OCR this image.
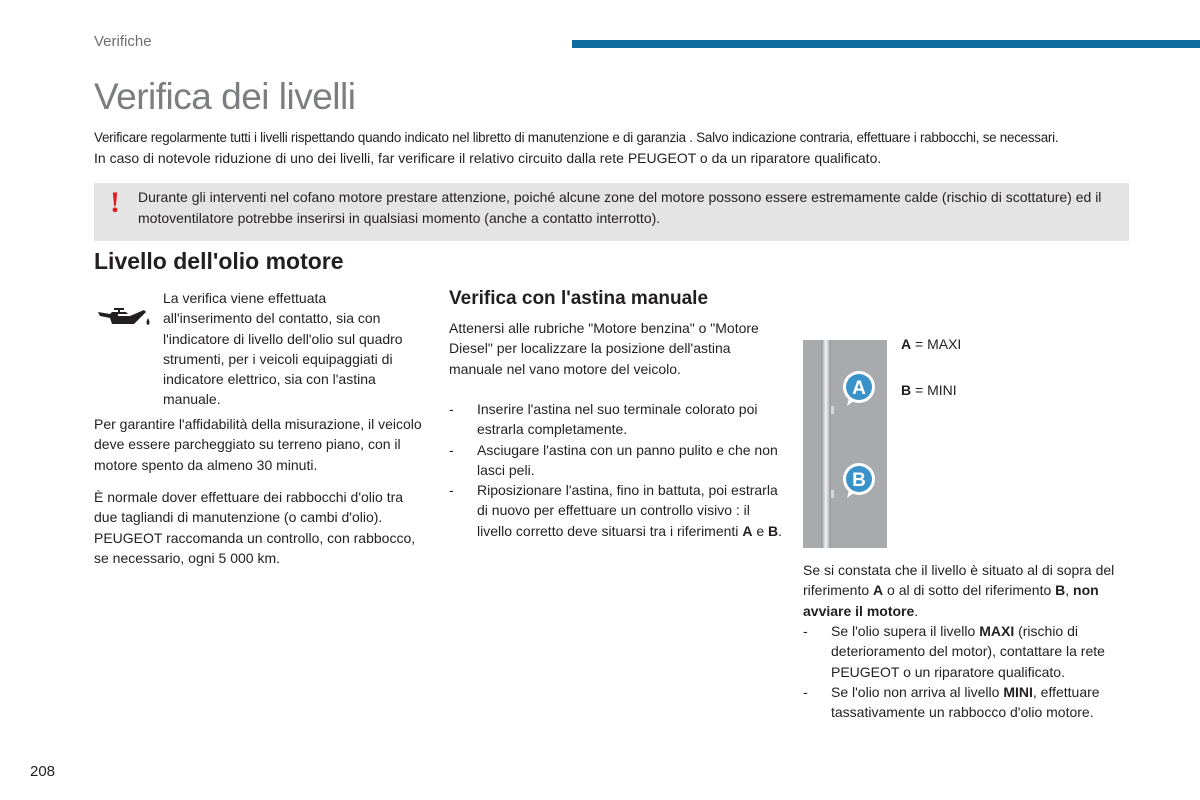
Verifiche
Verifica dei livelli

Verificare regolarmente tutti i livelli rispettando quando indicato nel libretto di manutenzione e di garanzia . Salvo indicazione contraria, effettuare i rabbocchi, se necessari.

In caso di notevole riduzione di uno dei livelli, far verificare il relativo circuito dalla rete PEUGEOT o da un riparatore qualificato.

! Durante gli interventi nel cofano motore prestare attenzione, poiché alcune zone del motore possono essere estremamente calde (rischio di scottature) ed il motoventilatore potrebbe inserirsi in qualsiasi momento (anche a contatto interrotto).
Livello dell'olio motore
La verifica viene effettuata all'inserimento del contatto, sia con l'indicatore di livello dell'olio sul quadro strumenti, per i veicoli equipaggiati di indicatore elettrico, sia con l'astina manuale.
Per garantire l'affidabilità della misurazione, il veicolo deve essere parcheggiato su terreno piano, con il motore spento da almeno 30 minuti.
È normale dover effettuare dei rabbocchi d'olio tra due tagliandi di manutenzione (o cambi d'olio). PEUGEOT raccomanda un controllo, con rabbocco, se necessario, ogni 5 000 km.
Verifica con l'astina manuale
Attenersi alle rubriche "Motore benzina" o "Motore Diesel" per localizzare la posizione dell'astina manuale nel vano motore del veicolo.
- Inserire l'astina nel suo terminale colorato poi estrarla completamente.
- Asciugare l'astina con un panno pulito e che non lasci peli.
- Riposizionare l'astina, fino in battuta, poi estrarla di nuovo per effettuare un controllo visivo : il livello corretto deve situarsi tra i riferimenti A e B.
A
B
A = MAXI
B = MINI
Se si constata che il livello è situato al di sopra del riferimento A o al di sotto del riferimento B, non avviare il motore.
- Se l'olio supera il livello MAXI (rischio di deterioramento del motor), contattare la rete PEUGEOT o un riparatore qualificato.
- Se l'olio non arriva al livello MINI, effettuare tassativamente un rabbocco d'olio motore.
208
